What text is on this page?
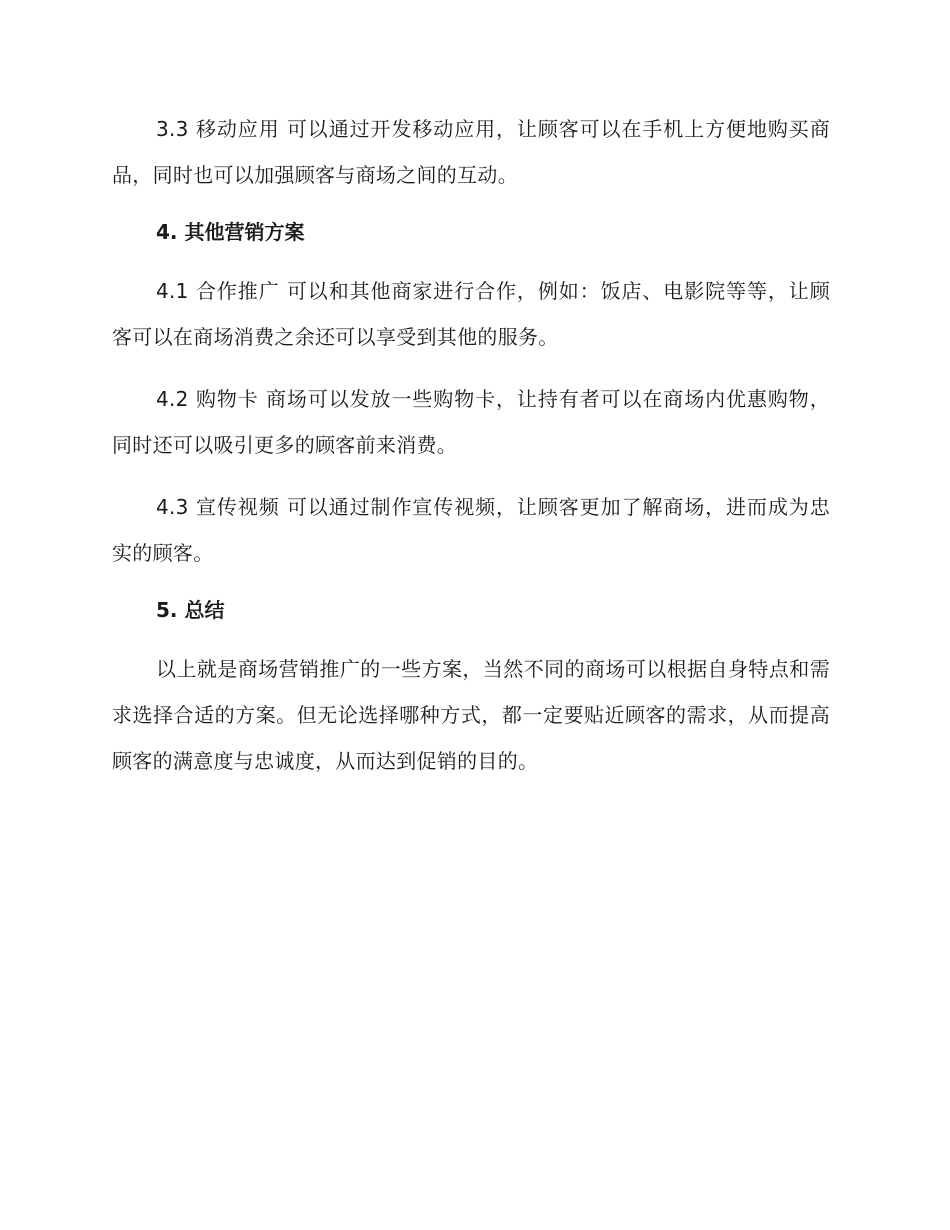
3.3 移动应用 可以通过开发移动应用，让顾客可以在手机上方便地购买商品，同时也可以加强顾客与商场之间的互动。

4. 其他营销方案

4.1 合作推广 可以和其他商家进行合作，例如：饭店、电影院等等，让顾客可以在商场消费之余还可以享受到其他的服务。

4.2 购物卡 商场可以发放一些购物卡，让持有者可以在商场内优惠购物，同时还可以吸引更多的顾客前来消费。

4.3 宣传视频 可以通过制作宣传视频，让顾客更加了解商场，进而成为忠实的顾客。

5. 总结

以上就是商场营销推广的一些方案，当然不同的商场可以根据自身特点和需求选择合适的方案。但无论选择哪种方式，都一定要贴近顾客的需求，从而提高顾客的满意度与忠诚度，从而达到促销的目的。
